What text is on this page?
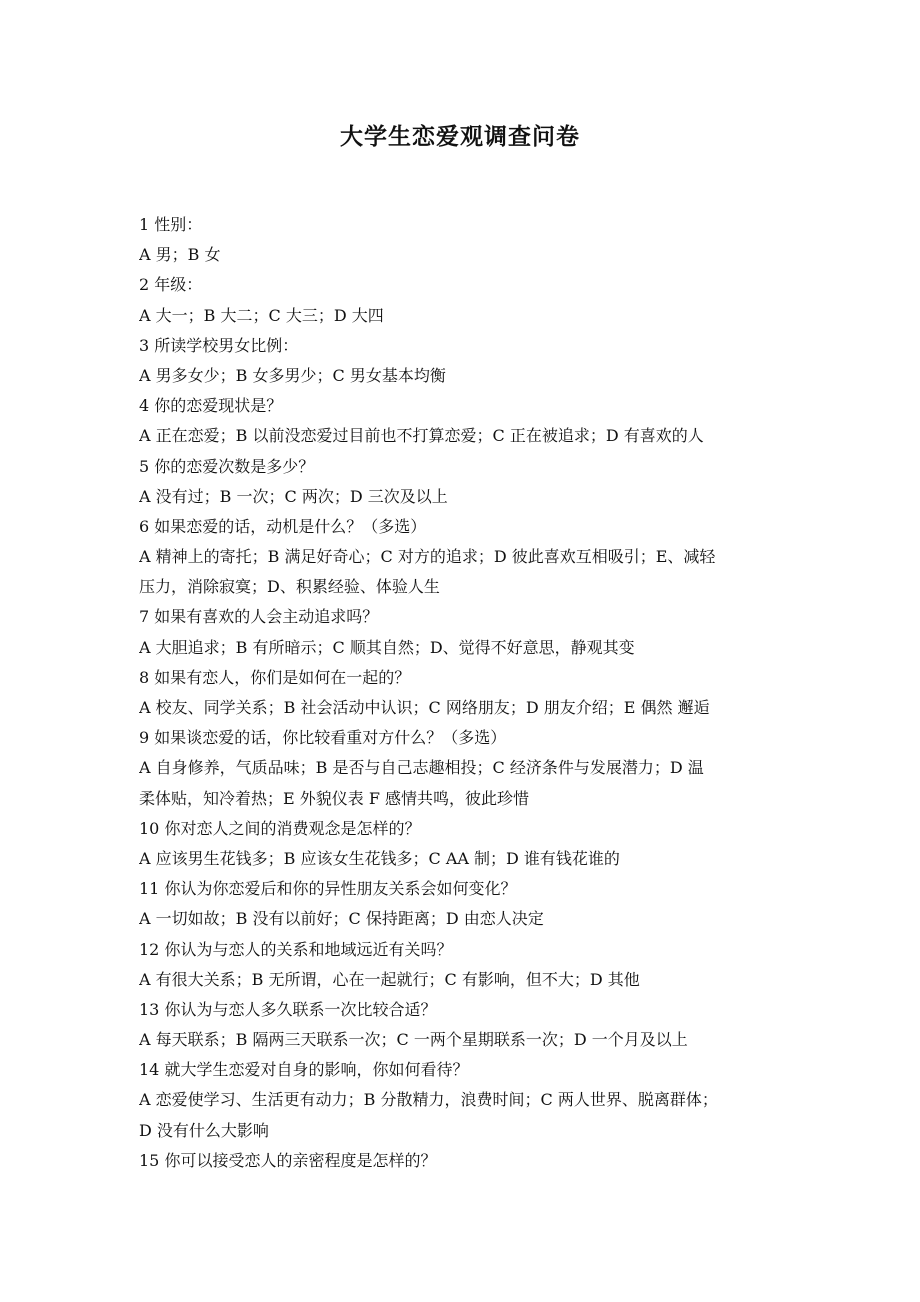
大学生恋爱观调查问卷
1 性别：
A 男；B 女
2 年级：
A 大一；B 大二；C 大三；D 大四
3 所读学校男女比例：
A 男多女少；B 女多男少；C 男女基本均衡
4 你的恋爱现状是？
A 正在恋爱；B 以前没恋爱过目前也不打算恋爱；C 正在被追求；D 有喜欢的人
5 你的恋爱次数是多少？
A 没有过；B 一次；C 两次；D 三次及以上
6 如果恋爱的话，动机是什么？（多选）
A 精神上的寄托；B 满足好奇心；C 对方的追求；D 彼此喜欢互相吸引；E、减轻
压力，消除寂寞；D、积累经验、体验人生
7 如果有喜欢的人会主动追求吗？
A 大胆追求；B 有所暗示；C 顺其自然；D、觉得不好意思，静观其变
8 如果有恋人，你们是如何在一起的？
A 校友、同学关系；B 社会活动中认识；C 网络朋友；D 朋友介绍；E 偶然 邂逅
9 如果谈恋爱的话，你比较看重对方什么？（多选）
A 自身修养，气质品味；B 是否与自己志趣相投；C 经济条件与发展潜力；D 温
柔体贴，知冷着热；E 外貌仪表 F 感情共鸣，彼此珍惜
10 你对恋人之间的消费观念是怎样的？
A 应该男生花钱多；B 应该女生花钱多；C AA 制；D 谁有钱花谁的
11 你认为你恋爱后和你的异性朋友关系会如何变化？
A 一切如故；B 没有以前好；C 保持距离；D 由恋人决定
12 你认为与恋人的关系和地域远近有关吗？
A 有很大关系；B 无所谓，心在一起就行；C 有影响，但不大；D 其他
13 你认为与恋人多久联系一次比较合适？
A 每天联系；B 隔两三天联系一次；C 一两个星期联系一次；D 一个月及以上
14 就大学生恋爱对自身的影响，你如何看待？
A 恋爱使学习、生活更有动力；B 分散精力，浪费时间；C 两人世界、脱离群体；
D 没有什么大影响
15 你可以接受恋人的亲密程度是怎样的？
